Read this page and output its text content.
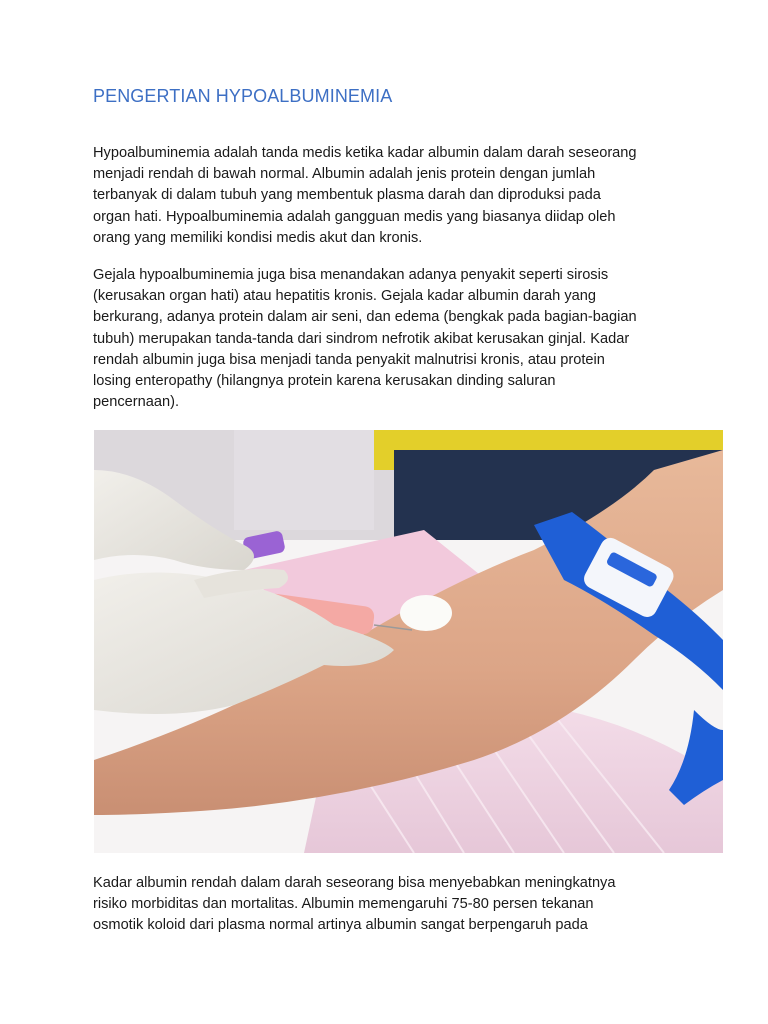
PENGERTIAN HYPOALBUMINEMIA

Hypoalbuminemia adalah tanda medis ketika kadar albumin dalam darah seseorang
menjadi rendah di bawah normal. Albumin adalah jenis protein dengan jumlah
terbanyak di dalam tubuh yang membentuk plasma darah dan diproduksi pada
organ hati. Hypoalbuminemia adalah gangguan medis yang biasanya diidap oleh
orang yang memiliki kondisi medis akut dan kronis.

Gejala hypoalbuminemia juga bisa menandakan adanya penyakit seperti sirosis
(kerusakan organ hati) atau hepatitis kronis. Gejala kadar albumin darah yang
berkurang, adanya protein dalam air seni, dan edema (bengkak pada bagian-bagian
tubuh) merupakan tanda-tanda dari sindrom nefrotik akibat kerusakan ginjal. Kadar
rendah albumin juga bisa menjadi tanda penyakit malnutrisi kronis, atau protein
losing enteropathy (hilangnya protein karena kerusakan dinding saluran
pencernaan).

Kadar albumin rendah dalam darah seseorang bisa menyebabkan meningkatnya
risiko morbiditas dan mortalitas. Albumin memengaruhi 75-80 persen tekanan
osmotik koloid dari plasma normal artinya albumin sangat berpengaruh pada
